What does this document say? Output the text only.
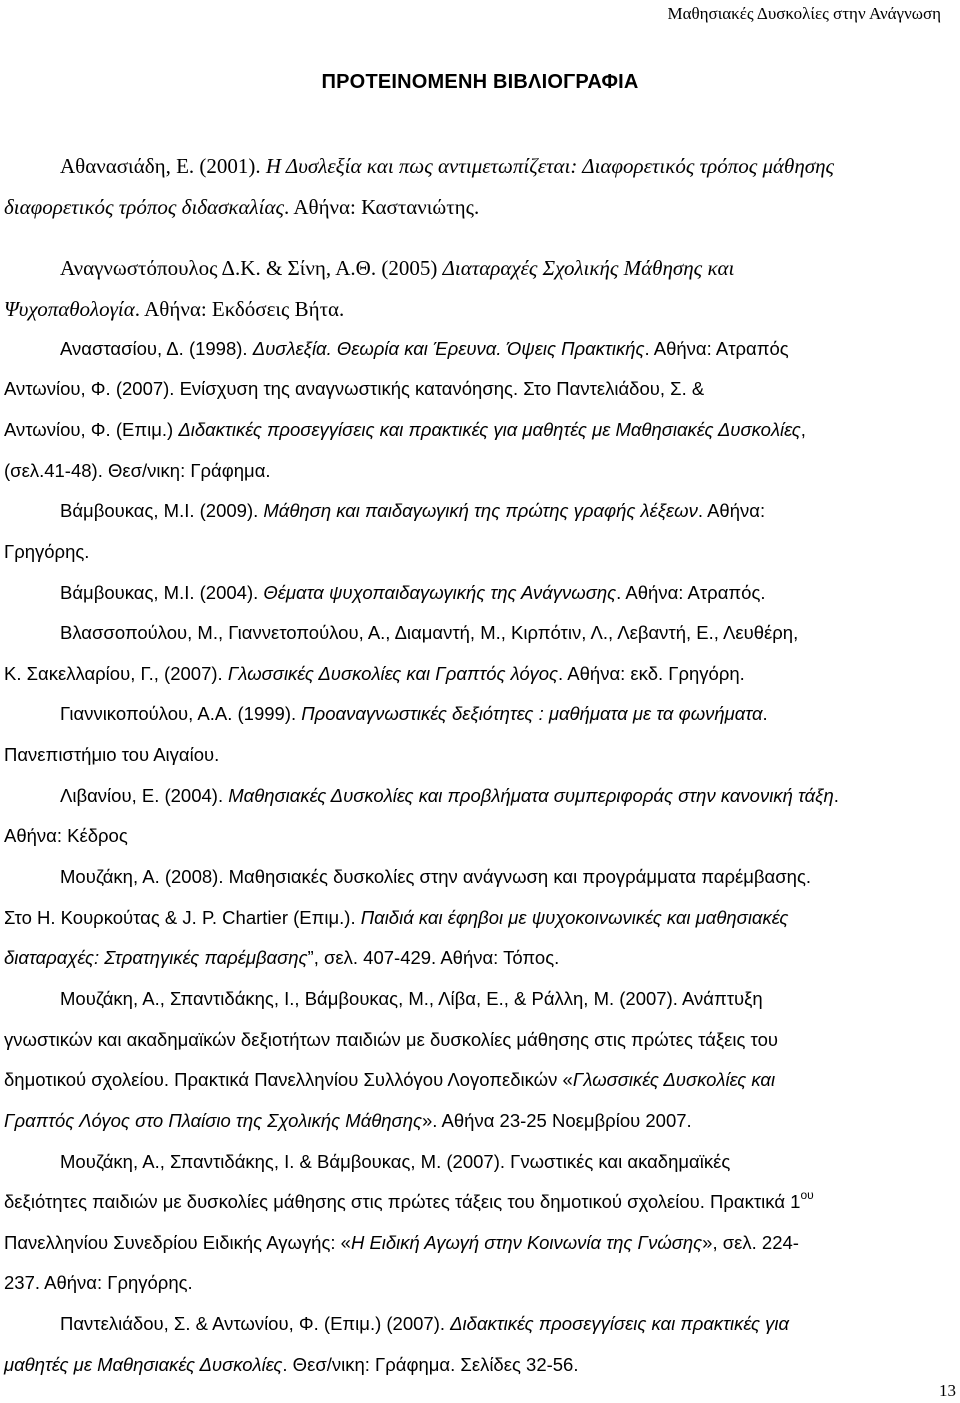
Μαθησιακές Δυσκολίες στην Ανάγνωση
ΠΡΟΤΕΙΝΟΜΕΝΗ ΒΙΒΛΙΟΓΡΑΦΙΑ
Αθανασιάδη, Ε. (2001). Η Δυσλεξία και πως αντιμετωπίζεται: Διαφορετικός τρόπος μάθησης
διαφορετικός τρόπος διδασκαλίας. Αθήνα: Καστανιώτης.
Αναγνωστόπουλος Δ.Κ. & Σίνη, Α.Θ. (2005) Διαταραχές Σχολικής Μάθησης και
Ψυχοπαθολογία. Αθήνα: Εκδόσεις Βήτα.
Αναστασίου, Δ. (1998). Δυσλεξία. Θεωρία και Έρευνα. Όψεις Πρακτικής. Αθήνα: Ατραπός
Αντωνίου, Φ. (2007). Ενίσχυση της αναγνωστικής κατανόησης. Στο Παντελιάδου, Σ. &
Αντωνίου, Φ. (Επιμ.) Διδακτικές προσεγγίσεις και πρακτικές για μαθητές με Μαθησιακές Δυσκολίες,
(σελ.41-48). Θεσ/νικη: Γράφημα.
Βάμβουκας, Μ.Ι. (2009). Μάθηση και παιδαγωγική της πρώτης γραφής λέξεων. Αθήνα:
Γρηγόρης.
Βάμβουκας, Μ.Ι. (2004). Θέματα ψυχοπαιδαγωγικής της Ανάγνωσης. Αθήνα: Ατραπός.
Βλασσοπούλου, Μ., Γιαννετοπούλου, Α., Διαμαντή, Μ., Κιρπότιν, Λ., Λεβαντή, Ε., Λευθέρη,
Κ. Σακελλαρίου, Γ., (2007). Γλωσσικές Δυσκολίες και Γραπτός λόγος. Αθήνα: εκδ. Γρηγόρη.
Γιαννικοπούλου, Α.Α. (1999). Προαναγνωστικές δεξιότητες : μαθήματα με τα φωνήματα.
Πανεπιστήμιο του Αιγαίου.
Λιβανίου, Ε. (2004). Μαθησιακές Δυσκολίες και προβλήματα συμπεριφοράς στην κανονική τάξη.
Αθήνα: Κέδρος
Μουζάκη, Α. (2008). Μαθησιακές δυσκολίες στην ανάγνωση και προγράμματα παρέμβασης.
Στο Η. Κουρκούτας & J. P. Chartier (Επιμ.). Παιδιά και έφηβοι με ψυχοκοινωνικές και μαθησιακές
διαταραχές: Στρατηγικές παρέμβασης”, σελ. 407-429. Αθήνα: Τόπος.
Μουζάκη, Α., Σπαντιδάκης, Ι., Βάμβουκας, Μ., Λίβα, Ε., & Ράλλη, Μ. (2007). Ανάπτυξη
γνωστικών και ακαδημαϊκών δεξιοτήτων παιδιών με δυσκολίες μάθησης στις πρώτες τάξεις του
δημοτικού σχολείου. Πρακτικά Πανελληνίου Συλλόγου Λογοπεδικών «Γλωσσικές Δυσκολίες και
Γραπτός Λόγος στο Πλαίσιο της Σχολικής Μάθησης». Αθήνα 23-25 Νοεμβρίου 2007.
Μουζάκη, Α., Σπαντιδάκης, Ι. & Βάμβουκας, Μ. (2007). Γνωστικές και ακαδημαϊκές
δεξιότητες παιδιών με δυσκολίες μάθησης στις πρώτες τάξεις του δημοτικού σχολείου. Πρακτικά $1^{o\upsilon}$
Πανελληνίου Συνεδρίου Ειδικής Αγωγής: «Η Ειδική Αγωγή στην Κοινωνία της Γνώσης», σελ. 224-
237. Αθήνα: Γρηγόρης.
Παντελιάδου, Σ. & Αντωνίου, Φ. (Επιμ.) (2007). Διδακτικές προσεγγίσεις και πρακτικές για
μαθητές με Μαθησιακές Δυσκολίες. Θεσ/νικη: Γράφημα. Σελίδες 32-56.
13
